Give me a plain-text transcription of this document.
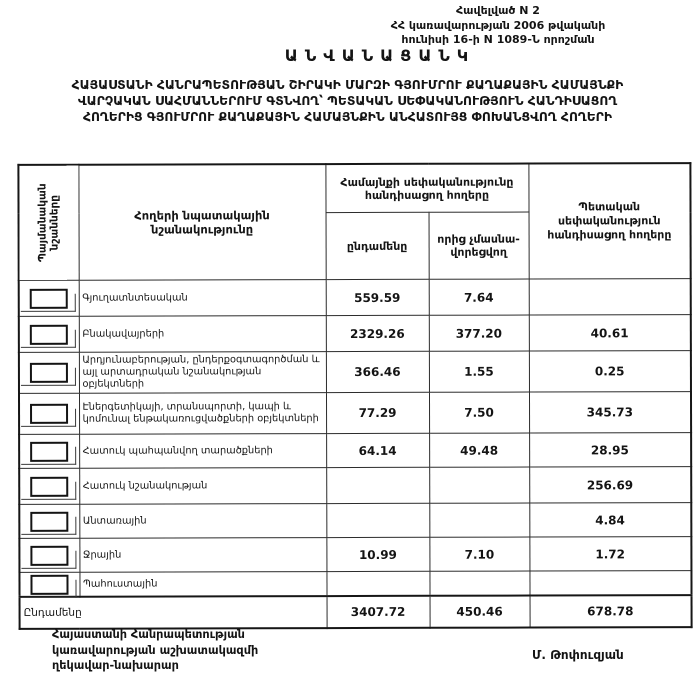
Հավելված N 2
ՀՀ կառավարության 2006 թվականի
հունիսի 16-ի N 1089-Ն որոշման
ԱՆՎԱՆԱՑԱՆԿ
ՀԱՅԱՍՏԱՆԻ ՀԱՆՐԱՊԵՏՈՒԹՅԱՆ ՇԻՐԱԿԻ ՄԱՐԶԻ ԳՅՈՒՄՐՈՒ ՔԱՂԱՔԱՅԻՆ ՀԱՄԱՅՆՔԻ
ՎԱՐՉԱԿԱՆ ՍԱՀՄԱՆՆԵՐՈՒՄ ԳՏՆՎՈՂ՝ ՊԵՏԱԿԱՆ ՍԵՓԱԿԱՆՈՒԹՅՈՒՆ ՀԱՆԴԻՍԱՑՈՂ
ՀՈՂԵՐԻՑ ԳՅՈՒՄՐՈՒ ՔԱՂԱՔԱՅԻՆ ՀԱՄԱՅՆՔԻՆ ԱՆՀԱՏՈՒՅՑ ՓՈԽԱՆՑՎՈՂ ՀՈՂԵՐԻ
Պայմանական նշանները	Հողերի նպատակային նշանակությունը	Համայնքի սեփականությունը հանդիսացող հողերը		Պետական սեփականություն հանդիսացող հողերը
		ընդամենը	որից չմասնավորեցվող	

	Գյուղատնտեսական	559.59	7.64	

	Բնակավայրերի	2329.26	377.20	40.61

	Արդյունաբերության, ընդերքօգտագործման և այլ արտադրական նշանակության օբյեկտների	366.46	1.55	0.25

	Էներգետիկայի, տրանսպորտի, կապի և կոմունալ ենթակառուցվածքների օբյեկտների	77.29	7.50	345.73

	Հատուկ պահպանվող տարածքների	64.14	49.48	28.95

	Հատուկ նշանակության			256.69

	Անտառային			4.84

	Ջրային	10.99	7.10	1.72

	Պահուստային			
Ընդամենը		3407.72	450.46	678.78
Հայաստանի Հանրապետության
կառավարության աշխատակազմի
ղեկավար-նախարար
Մ. Թոփուզյան
